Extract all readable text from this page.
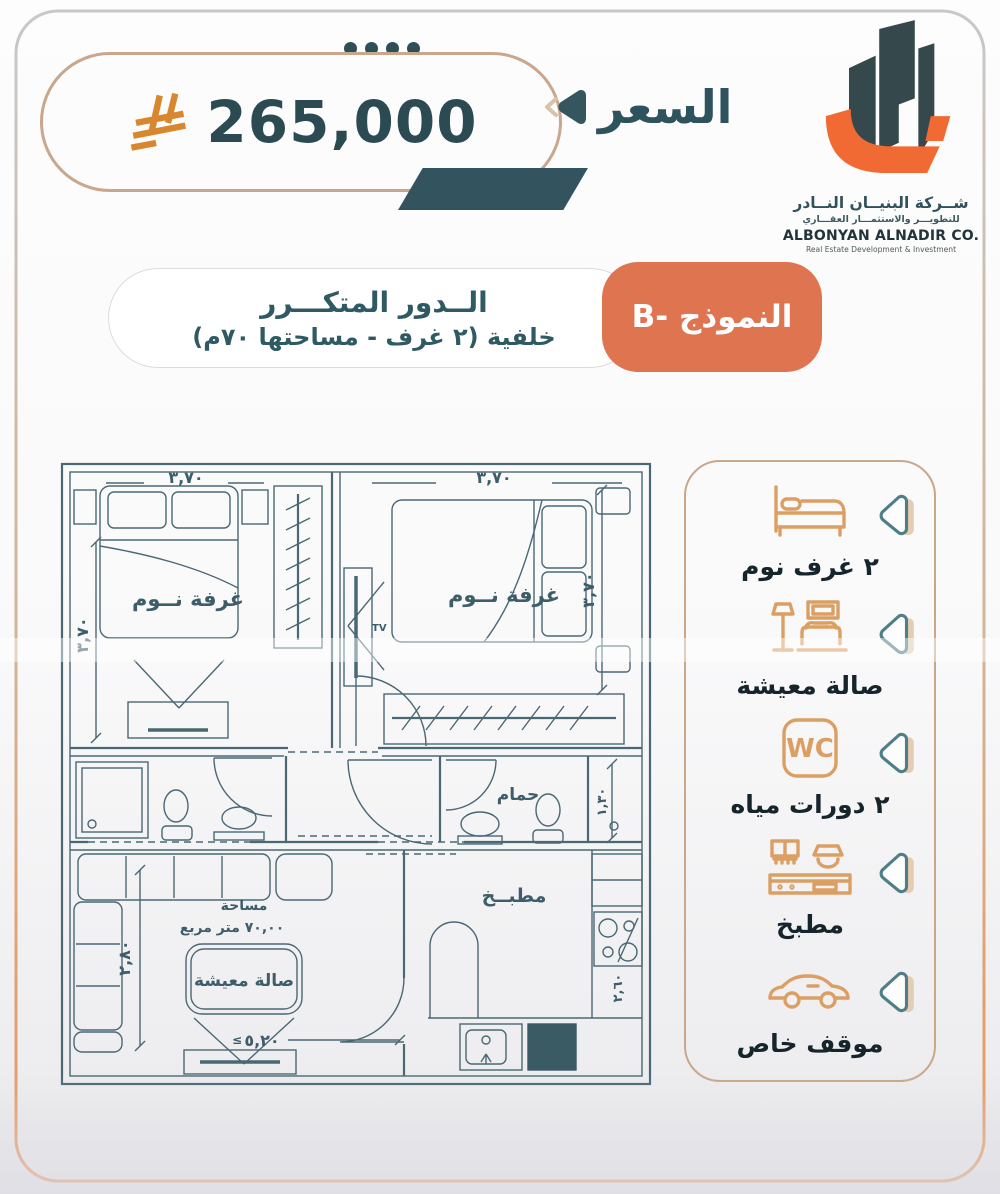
265,000	السعر
شــركة البنيــان النــادر
للتطويـــر والاستثمـــار العقـــاري
ALBONYAN ALNADIR CO.
Real Estate Development & Investment
الــدور المتكـــرر
خلفية (٢ غرف - مساحتها ٧٠م)
النموذج -B
غرفة نــوم
٣,٧٠
٣,٧٠	TV
غرفة نــوم
٣,٧٠
٣,٧٠
حمام	١,٣٠
مساحة
٧٠,٠٠ متر مربع
صالة معيشة
≤
٢,٨٠
٥,٢٠
مطبــخ
٢,٦٠
٢ غرف نوم
صالة معيشة
WC
٢ دورات مياه
مطبخ
موقف خاص
